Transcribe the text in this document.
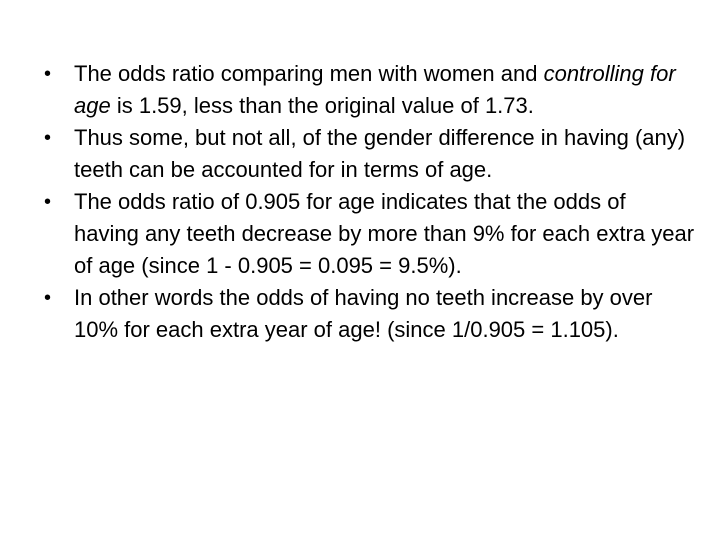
• The odds ratio comparing men with women and controlling for age is 1.59, less than the original value of 1.73.
• Thus some, but not all, of the gender difference in having (any) teeth can be accounted for in terms of age.
• The odds ratio of 0.905 for age indicates that the odds of having any teeth decrease by more than 9% for each extra year of age (since 1 - 0.905 = 0.095 = 9.5%).
• In other words the odds of having no teeth increase by over 10% for each extra year of age! (since 1/0.905 = 1.105).
